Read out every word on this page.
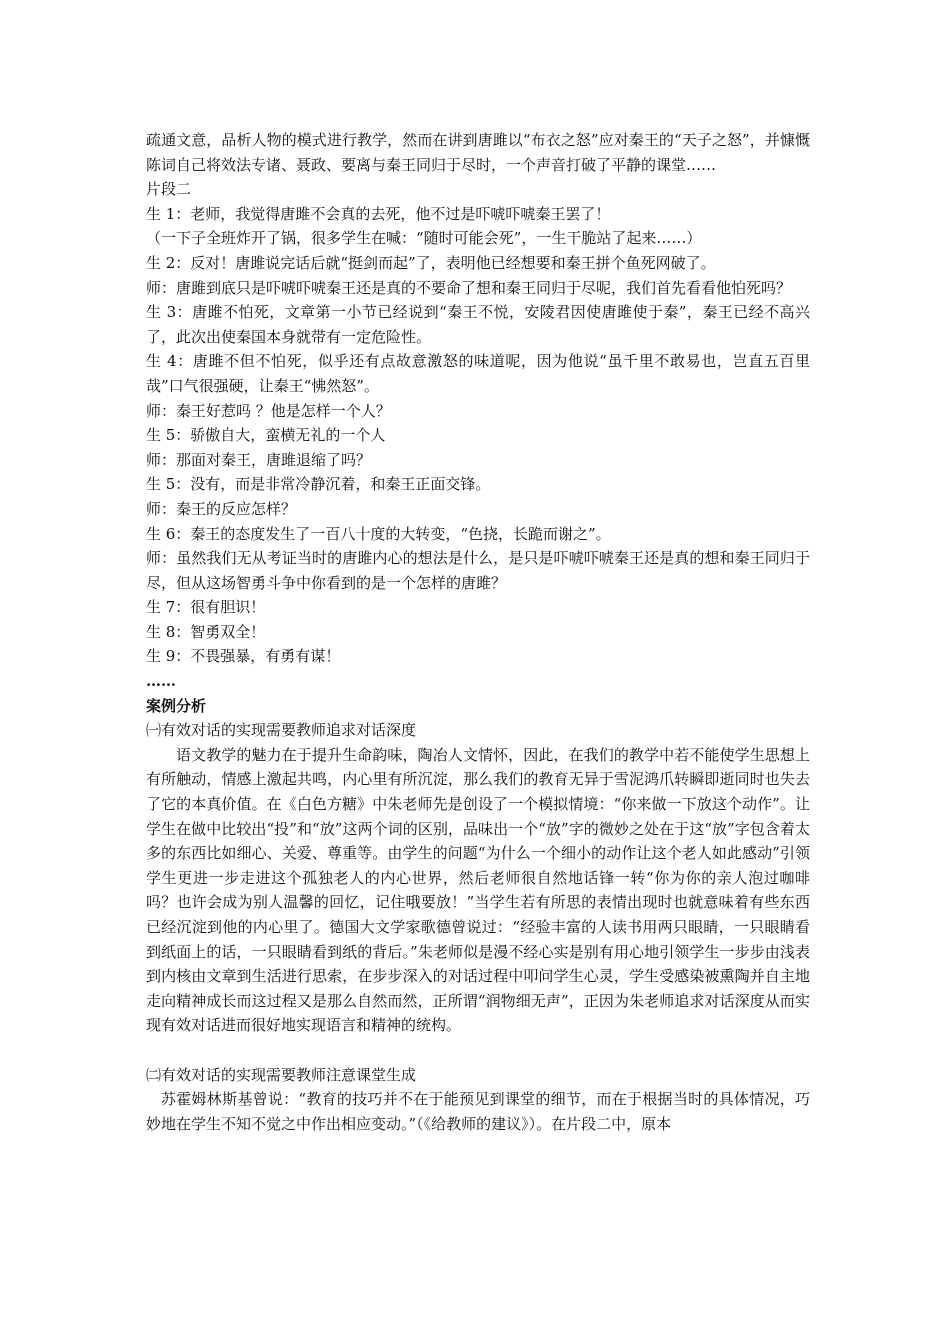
疏通文意，品析人物的模式进行教学，然而在讲到唐雎以“布衣之怒”应对秦王的“天子之怒”，并慷慨陈词自己将效法专诸、聂政、要离与秦王同归于尽时，一个声音打破了平静的课堂……

片段二

生 1：老师，我觉得唐雎不会真的去死，他不过是吓唬吓唬秦王罢了！

（一下子全班炸开了锅，很多学生在喊：“随时可能会死”，一生干脆站了起来……）

生 2：反对！唐雎说完话后就“挺剑而起”了，表明他已经想要和秦王拼个鱼死网破了。

师：唐雎到底只是吓唬吓唬秦王还是真的不要命了想和秦王同归于尽呢，我们首先看看他怕死吗？

生 3：唐雎不怕死，文章第一小节已经说到“秦王不悦，安陵君因使唐雎使于秦”，秦王已经不高兴了，此次出使秦国本身就带有一定危险性。

生 4：唐雎不但不怕死，似乎还有点故意激怒的味道呢，因为他说“虽千里不敢易也，岂直五百里哉”口气很强硬，让秦王“怫然怒”。

师：秦王好惹吗 ？他是怎样一个人？

生 5：骄傲自大，蛮横无礼的一个人

师：那面对秦王，唐雎退缩了吗？

生 5：没有，而是非常冷静沉着，和秦王正面交锋。

师：秦王的反应怎样？

生 6：秦王的态度发生了一百八十度的大转变，“色挠，长跪而谢之”。

师：虽然我们无从考证当时的唐雎内心的想法是什么，是只是吓唬吓唬秦王还是真的想和秦王同归于尽，但从这场智勇斗争中你看到的是一个怎样的唐雎？

生 7：很有胆识！

生 8：智勇双全！

生 9：不畏强暴，有勇有谋！

……

案例分析

㈠有效对话的实现需要教师追求对话深度

语文教学的魅力在于提升生命韵味，陶冶人文情怀，因此，在我们的教学中若不能使学生思想上有所触动，情感上激起共鸣，内心里有所沉淀，那么我们的教育无异于雪泥鸿爪转瞬即逝同时也失去了它的本真价值。在《白色方糖》中朱老师先是创设了一个模拟情境：“你来做一下放这个动作”。让学生在做中比较出“投”和“放”这两个词的区别，品味出一个“放”字的微妙之处在于这“放”字包含着太多的东西比如细心、关爱、尊重等。由学生的问题“为什么一个细小的动作让这个老人如此感动”引领学生更进一步走进这个孤独老人的内心世界，然后老师很自然地话锋一转“你为你的亲人泡过咖啡吗？也许会成为别人温馨的回忆，记住哦要放！”当学生若有所思的表情出现时也就意味着有些东西已经沉淀到他的内心里了。德国大文学家歌德曾说过：“经验丰富的人读书用两只眼睛，一只眼睛看到纸面上的话，一只眼睛看到纸的背后。”朱老师似是漫不经心实是别有用心地引领学生一步步由浅表到内核由文章到生活进行思索，在步步深入的对话过程中叩问学生心灵，学生受感染被熏陶并自主地走向精神成长而这过程又是那么自然而然，正所谓“润物细无声”，正因为朱老师追求对话深度从而实现有效对话进而很好地实现语言和精神的统构。

㈡有效对话的实现需要教师注意课堂生成

苏霍姆林斯基曾说：“教育的技巧并不在于能预见到课堂的细节，而在于根据当时的具体情况，巧妙地在学生不知不觉之中作出相应变动。”（《给教师的建议》）。在片段二中，原本
